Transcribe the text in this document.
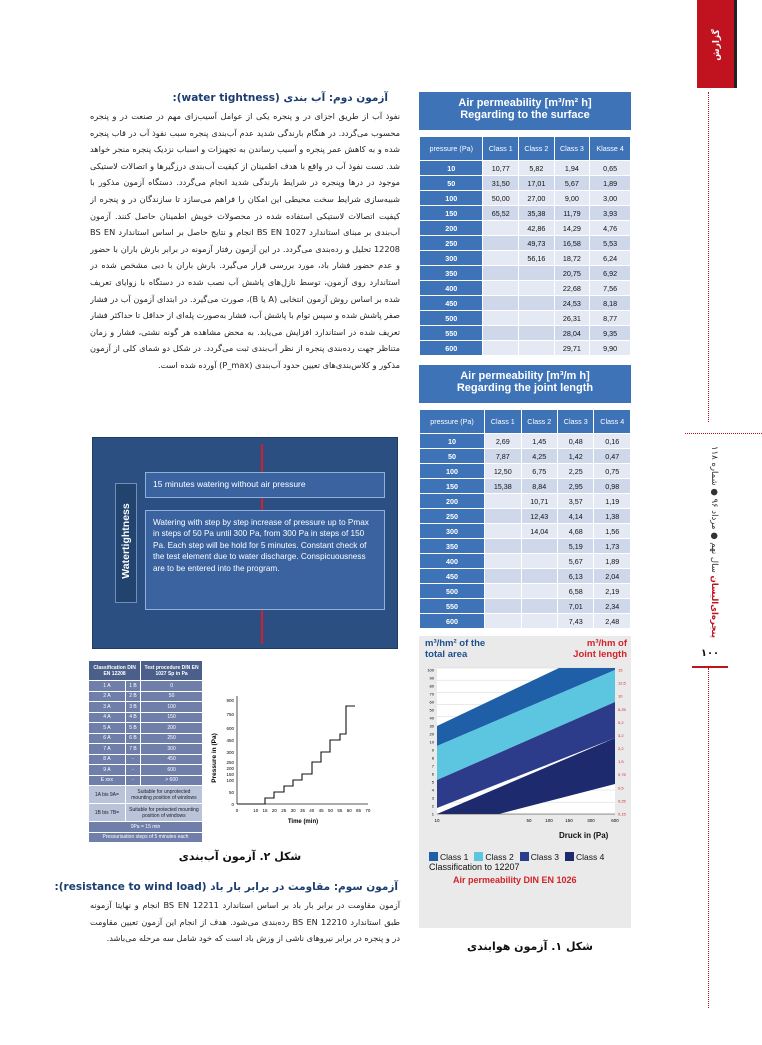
گزارش
پنجره‌ای‌الیسان سال نهم ● مرداد ۹۶ ● شماره ۱۱۸
۱۰۰
آزمون دوم: آب بندی (water tightness):
نفوذ آب از طریق اجزای در و پنجره یکی از عوامل آسیب‌زای مهم در صنعت در و پنجره محسوب می‌گردد. در هنگام بارندگی شدید عدم آب‌بندی پنجره سبب نفوذ آب در قاب پنجره شده و به کاهش عمر پنجره و آسیب رساندن به تجهیزات و اسباب نزدیک پنجره منجر خواهد شد. تست نفوذ آب در واقع با هدف اطمینان از کیفیت آب‌بندی درزگیرها و اتصالات لاستیکی موجود در درها وپنجره در شرایط بارندگی شدید انجام می‌گردد. دستگاه آزمون مذکور با شبیه‌سازی شرایط سخت محیطی این امکان را فراهم می‌سازد تا سازندگان در و پنجره از کیفیت اتصالات لاستیکی استفاده شده در محصولات خویش اطمینان حاصل کنند. آزمون آب‌بندی بر مبنای استاندارد BS EN 1027 انجام و نتایج حاصل بر اساس استاندارد BS EN 12208 تحلیل و رده‌بندی می‌گردد. در این آزمون رفتار آزمونه در برابر بارش باران با حضور و عدم حضور فشار باد، مورد بررسی قرار می‌گیرد. بارش باران با دبی مشخص شده در استاندارد روی آزمون، توسط نازل‌های پاشش آب نصب شده در دستگاه با زوایای تعریف شده بر اساس روش آزمون انتخابی (A یا B)، صورت می‌گیرد. در ابتدای آزمون آب در فشار صفر پاشش شده و سپس توام با پاشش آب، فشار به‌صورت پله‌ای از حداقل تا حداکثر فشار تعریف شده در استاندارد افزایش می‌یابد. به محض مشاهده هر گونه نشتی، فشار و زمان متناظر جهت رده‌بندی پنجره از نظر آب‌بندی ثبت می‌گردد. در شکل دو شمای کلی از آزمون مذکور و کلاس‌بندی‌های تعیین حدود آب‌بندی (P_max) آورده شده است.
Watertightness
15 minutes watering without air pressure
Watering with step by step increase of pressure up to Pmax in steps of 50 Pa until 300 Pa, from 300 Pa in steps of 150 Pa. Each step will be hold for 5 minutes. Constant check of the test element due to water discharge. Conspicuousness are to be entered into the program.
Classification DIN EN 12208		Test procedure DIN EN 1027 Sp in Pa
1 A	1 B	0
2 A	2 B	50
3 A	3 B	100
4 A	4 B	150
5 A	5 B	200
6 A	6 B	250
7 A	7 B	300
8 A	-	450
9 A	-	600
E xxx	-	> 600
1A bis 9A=	Suitable for unprotected mounting position of windows	
1B bis 7B=	Suitable for protected mounting position of windows	
0Pa = 15 min		
Pressurisation steps of 5 minutes each		
Pressure in (Pa)
900
750
600
450
300
250
200
150
100
50
0
0	10 15 20 25 30 35 40 45 50 55 60 65 70
Time (min)
شکل ۲. آزمون آب‌بندی
آزمون سوم: مقاومت در برابر بار باد (resistance to wind load):
آزمون مقاومت در برابر بار باد بر اساس استاندارد BS EN 12211 انجام و نهایتا آزمونه طبق استاندارد BS EN 12210 رده‌بندی می‌شود. هدف از انجام این آزمون تعیین مقاومت در و پنجره در برابر نیروهای ناشی از وزش باد است که خود شامل سه مرحله می‌باشد.
Air permeability [m³/m² h]
Regarding to the surface
pressure (Pa)	Class 1	Class 2	Class 3	Klasse 4
10	10,77	5,82	1,94	0,65
50	31,50	17,01	5,67	1,89
100	50,00	27,00	9,00	3,00
150	65,52	35,38	11,79	3,93
200		42,86	14,29	4,76
250		49,73	16,58	5,53
300		56,16	18,72	6,24
350			20,75	6,92
400			22,68	7,56
450			24,53	8,18
500			26,31	8,77
550			28,04	9,35
600			29,71	9,90
Air permeability [m³/m h]
Regarding the joint length
pressure (Pa)	Class 1	Class 2	Class 3	Class 4
10	2,69	1,45	0,48	0,16
50	7,87	4,25	1,42	0,47
100	12,50	6,75	2,25	0,75
150	15,38	8,84	2,95	0,98
200		10,71	3,57	1,19
250		12,43	4,14	1,38
300		14,04	4,68	1,56
350			5,19	1,73
400			5,67	1,89
450			6,13	2,04
500			6,58	2,19
550			7,01	2,34
600			7,43	2,48
m³/hm² of the
total area
m³/hm of
Joint length
100
90
80
70
60
50
40
30
20
10
9
8
7
6
5
4
3
2
1
15
12,5
10
6,25
5,2
3,2
2,2
1,5
0,75
0,5
0,25
0,15
10	50	100	150	300	600
Druck in (Pa)
Class 1 Class 2 Class 3 Class 4
Classification to 12207
Air permeability DIN EN 1026
شکل ۱. آزمون هوابندی
